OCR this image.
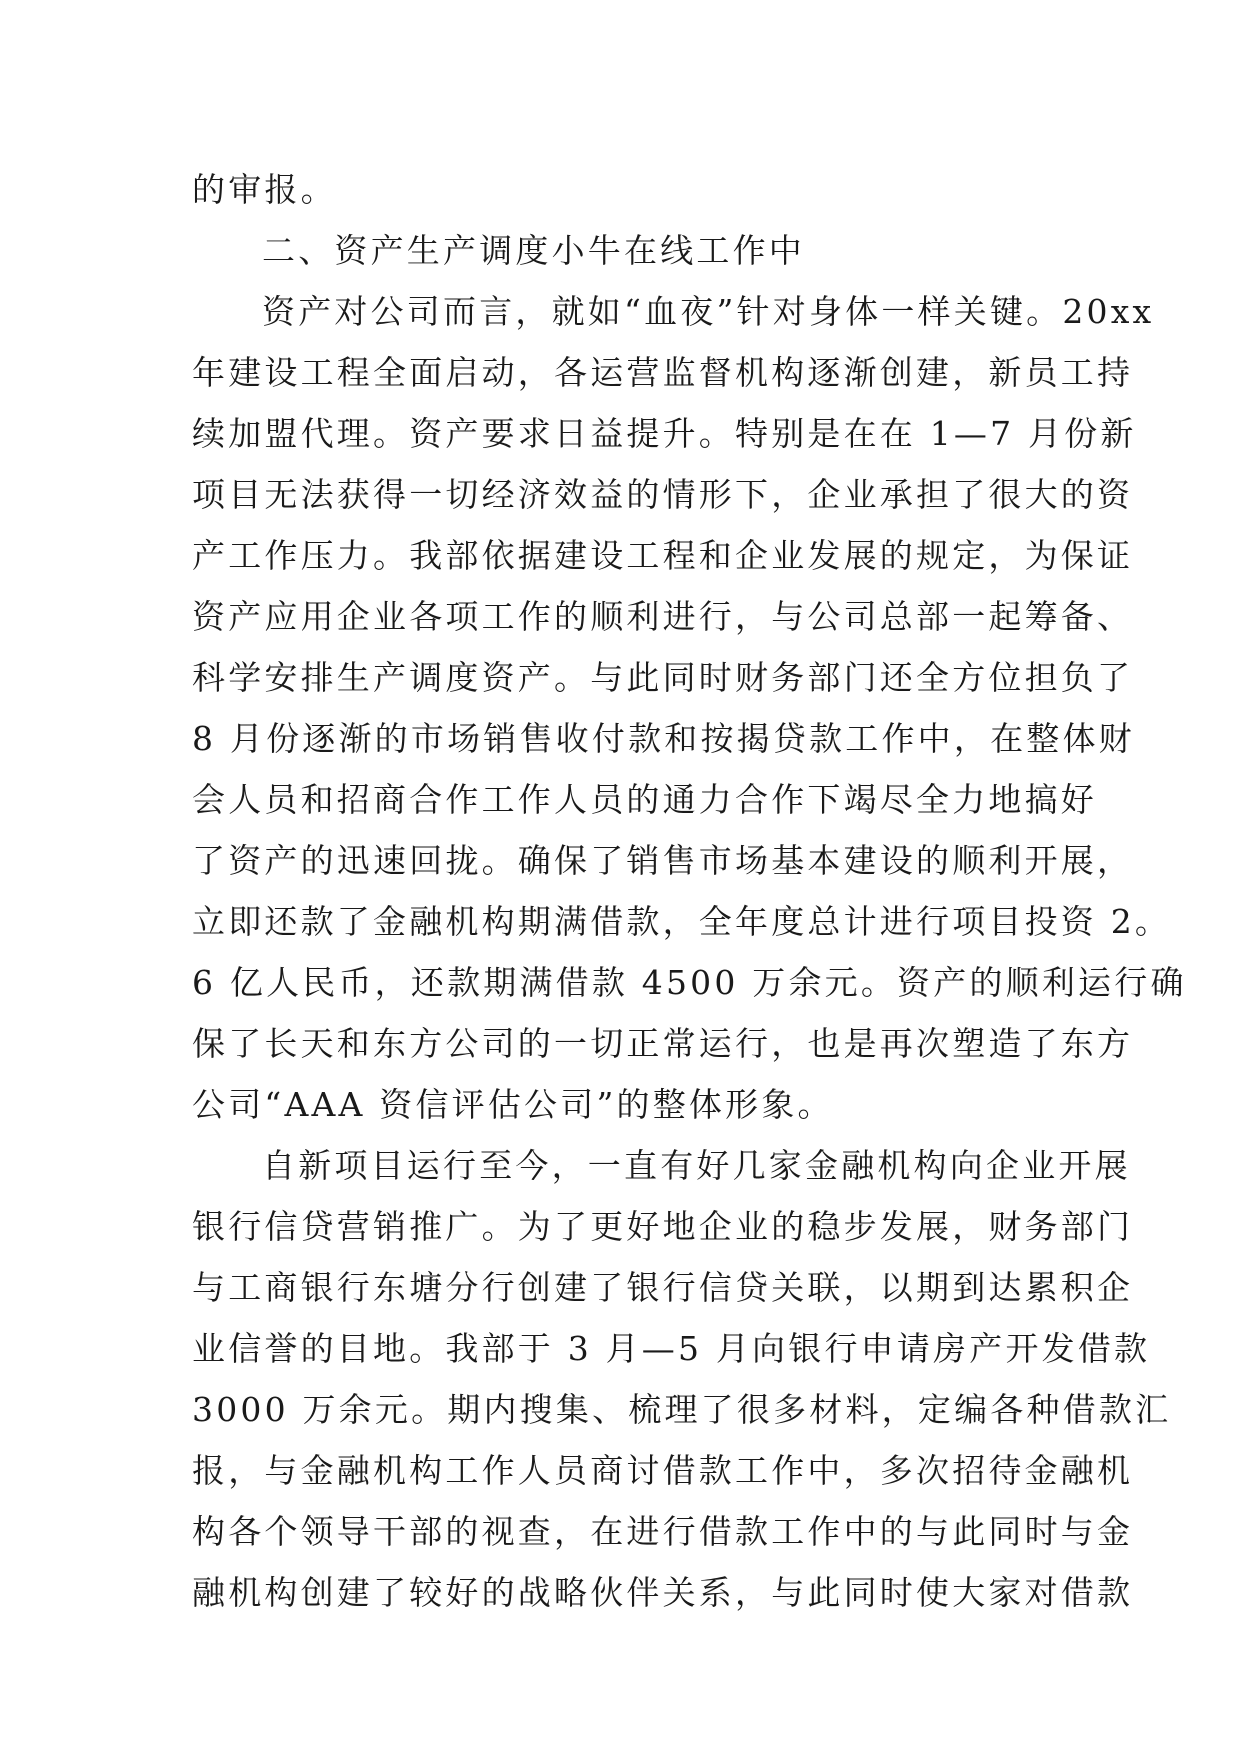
的审报。
二、资产生产调度小牛在线工作中
资产对公司而言，就如“血夜”针对身体一样关键。20xx
年建设工程全面启动，各运营监督机构逐渐创建，新员工持
续加盟代理。资产要求日益提升。特别是在在 1—7 月份新
项目无法获得一切经济效益的情形下，企业承担了很大的资
产工作压力。我部依据建设工程和企业发展的规定，为保证
资产应用企业各项工作的顺利进行，与公司总部一起筹备、
科学安排生产调度资产。与此同时财务部门还全方位担负了
8 月份逐渐的市场销售收付款和按揭贷款工作中，在整体财
会人员和招商合作工作人员的通力合作下竭尽全力地搞好
了资产的迅速回拢。确保了销售市场基本建设的顺利开展，
立即还款了金融机构期满借款，全年度总计进行项目投资 2。
6 亿人民币，还款期满借款 4500 万余元。资产的顺利运行确
保了长天和东方公司的一切正常运行，也是再次塑造了东方
公司“AAA 资信评估公司”的整体形象。
自新项目运行至今，一直有好几家金融机构向企业开展
银行信贷营销推广。为了更好地企业的稳步发展，财务部门
与工商银行东塘分行创建了银行信贷关联，以期到达累积企
业信誉的目地。我部于 3 月—5 月向银行申请房产开发借款
3000 万余元。期内搜集、梳理了很多材料，定编各种借款汇
报，与金融机构工作人员商讨借款工作中，多次招待金融机
构各个领导干部的视查，在进行借款工作中的与此同时与金
融机构创建了较好的战略伙伴关系，与此同时使大家对借款
